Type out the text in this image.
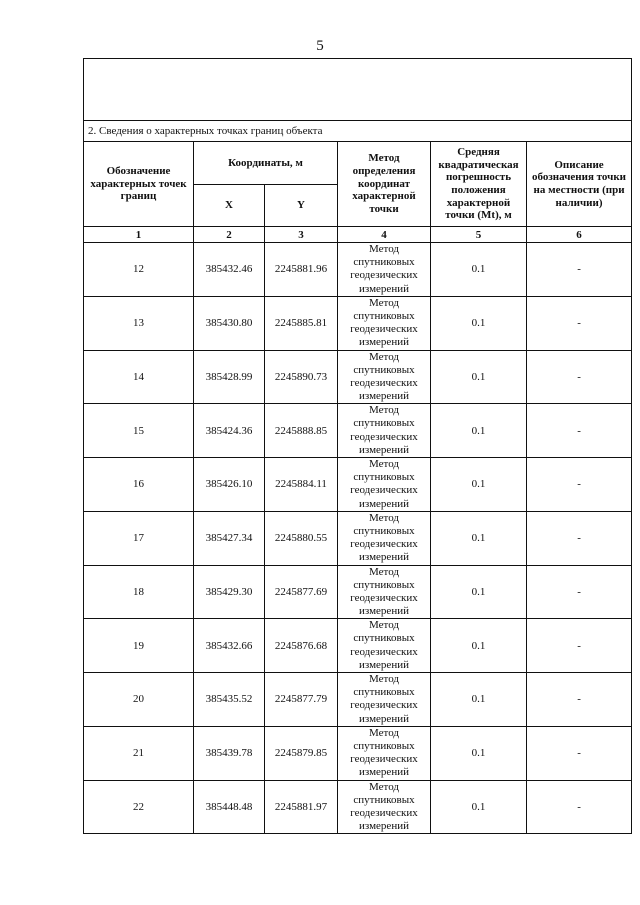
5

2. Сведения о характерных точках границ объекта					
Обозначение характерных точек границ	Координаты, м		Метод определения координат характерной точки	Средняя квадратическая погрешность положения характерной точки (Mt), м	Описание обозначения точки на местности (при наличии)
	X	Y			
1	2	3	4	5	6
12	385432.46	2245881.96	Метод спутниковых геодезических измерений	0.1	-
13	385430.80	2245885.81	Метод спутниковых геодезических измерений	0.1	-
14	385428.99	2245890.73	Метод спутниковых геодезических измерений	0.1	-
15	385424.36	2245888.85	Метод спутниковых геодезических измерений	0.1	-
16	385426.10	2245884.11	Метод спутниковых геодезических измерений	0.1	-
17	385427.34	2245880.55	Метод спутниковых геодезических измерений	0.1	-
18	385429.30	2245877.69	Метод спутниковых геодезических измерений	0.1	-
19	385432.66	2245876.68	Метод спутниковых геодезических измерений	0.1	-
20	385435.52	2245877.79	Метод спутниковых геодезических измерений	0.1	-
21	385439.78	2245879.85	Метод спутниковых геодезических измерений	0.1	-
22	385448.48	2245881.97	Метод спутниковых геодезических измерений	0.1	-
